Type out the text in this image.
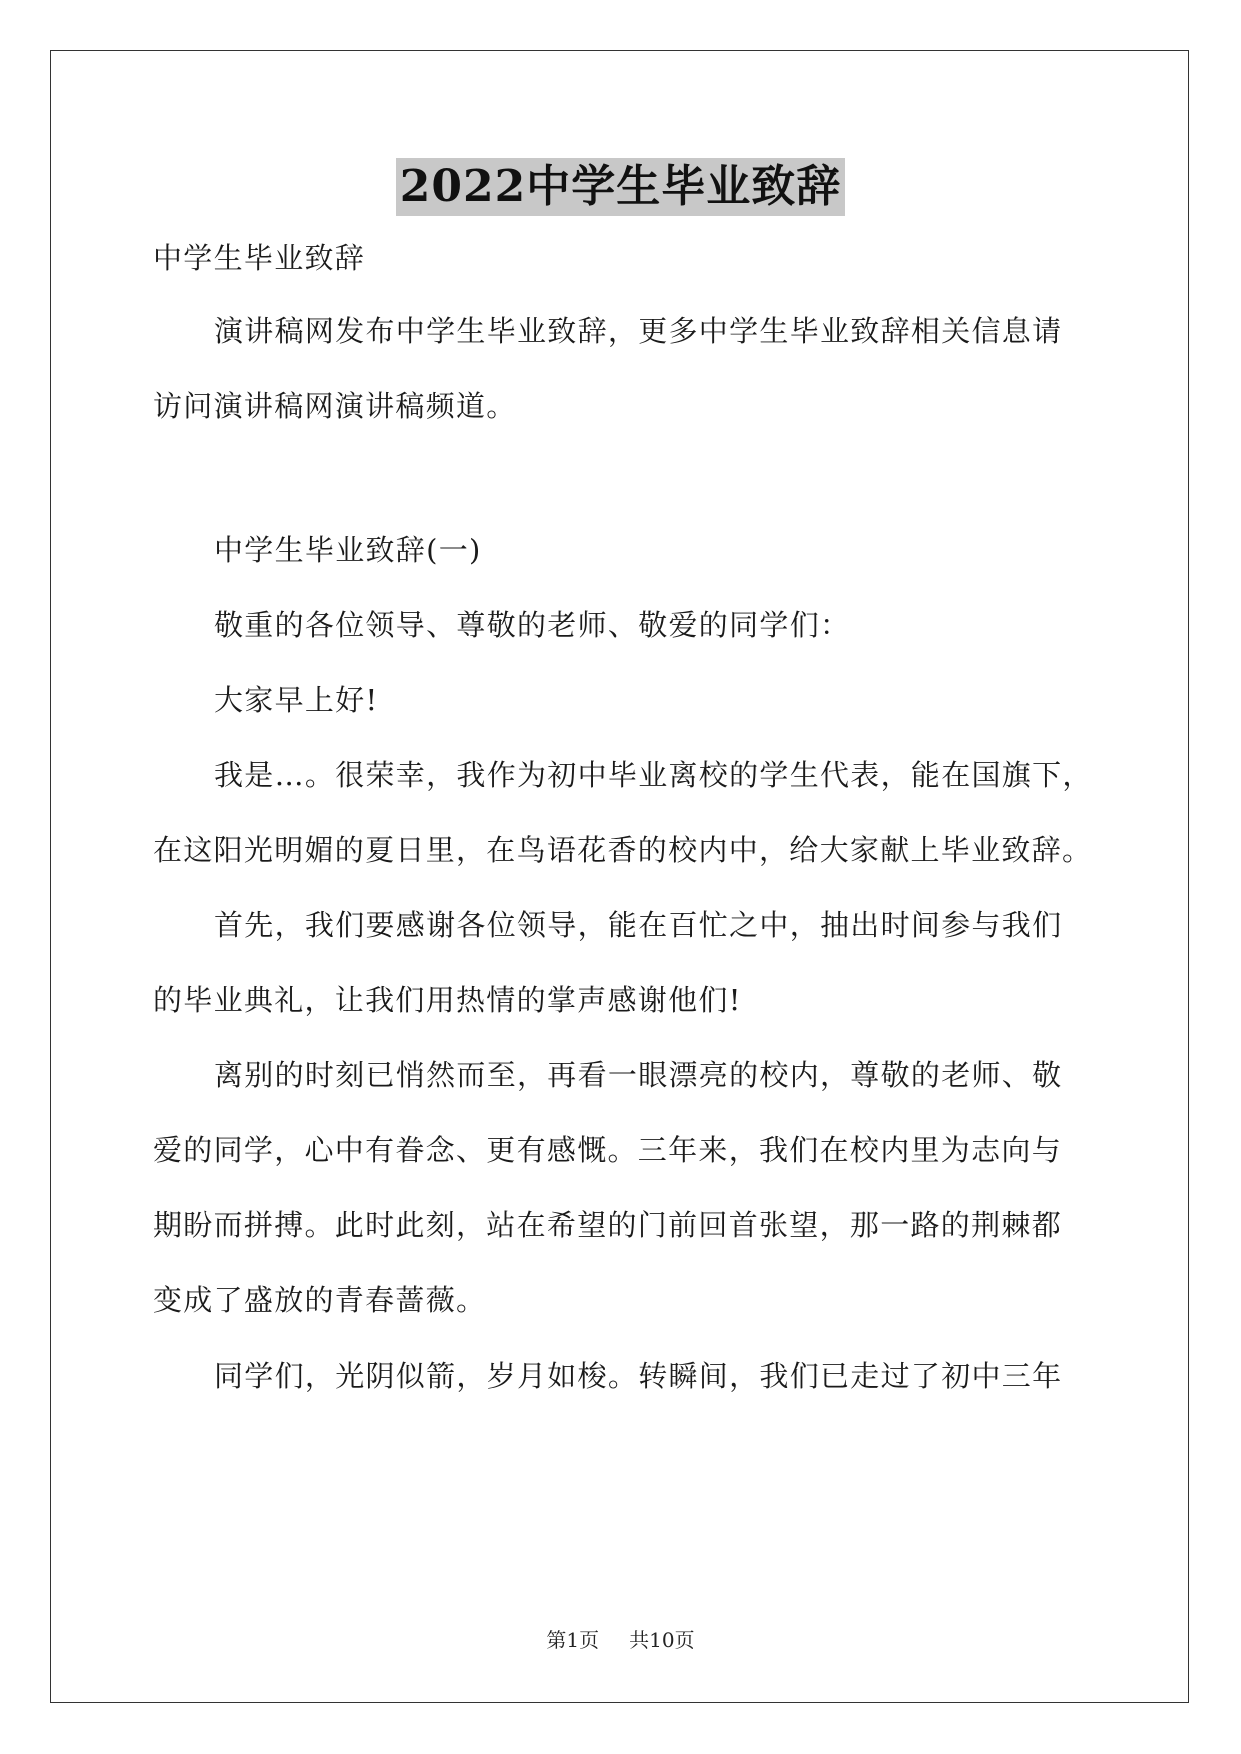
2022中学生毕业致辞
中学生毕业致辞
演讲稿网发布中学生毕业致辞，更多中学生毕业致辞相关信息请
访问演讲稿网演讲稿频道。
中学生毕业致辞(一)
敬重的各位领导、尊敬的老师、敬爱的同学们：
大家早上好!
我是…。很荣幸，我作为初中毕业离校的学生代表，能在国旗下，
在这阳光明媚的夏日里，在鸟语花香的校内中，给大家献上毕业致辞。
首先，我们要感谢各位领导，能在百忙之中，抽出时间参与我们
的毕业典礼，让我们用热情的掌声感谢他们!
离别的时刻已悄然而至，再看一眼漂亮的校内，尊敬的老师、敬
爱的同学，心中有眷念、更有感慨。三年来，我们在校内里为志向与
期盼而拼搏。此时此刻，站在希望的门前回首张望，那一路的荆棘都
变成了盛放的青春蔷薇。
同学们，光阴似箭，岁月如梭。转瞬间，我们已走过了初中三年
第1页 共10页
